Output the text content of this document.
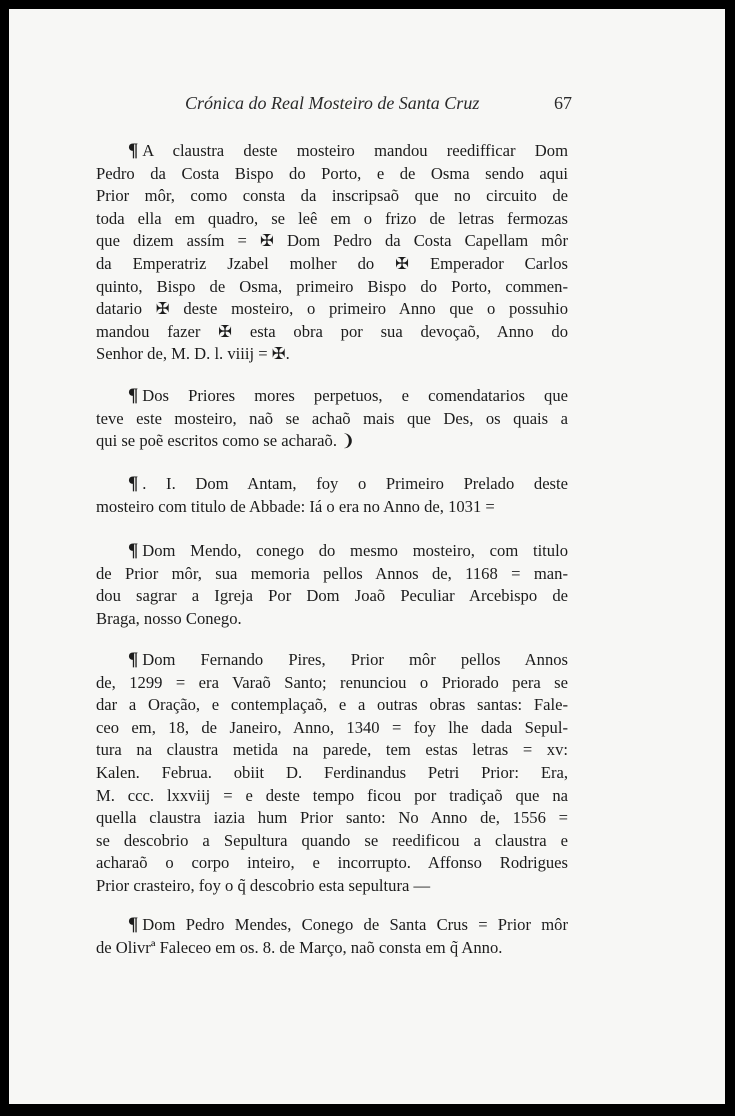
Crónica do Real Mosteiro de Santa Cruz	67
¶ A claustra deste mosteiro mandou reedifficar Dom
Pedro da Costa Bispo do Porto, e de Osma sendo aqui
Prior môr, como consta da inscripsaõ que no circuito de
toda ella em quadro, se leê em o frizo de letras fermozas
que dizem assím = ✠ Dom Pedro da Costa Capellam môr
da Emperatriz Jzabel molher do ✠ Emperador Carlos
quinto, Bispo de Osma, primeiro Bispo do Porto, commen-
datario ✠ deste mosteiro, o primeiro Anno que o possuhio
mandou fazer ✠ esta obra por sua devoçaõ, Anno do
Senhor de, M. D. l. viiij = ✠.
¶ Dos Priores mores perpetuos, e comendatarios que
teve este mosteiro, naõ se achaõ mais que Des, os quais a
qui se poẽ escritos como se acharaõ. ❩
¶ . I. Dom Antam, foy o Primeiro Prelado deste
mosteiro com titulo de Abbade: Iá o era no Anno de, 1031 =
¶ Dom Mendo, conego do mesmo mosteiro, com titulo
de Prior môr, sua memoria pellos Annos de, 1168 = man-
dou sagrar a Igreja Por Dom Joaõ Peculiar Arcebispo de
Braga, nosso Conego.
¶ Dom Fernando Pires, Prior môr pellos Annos
de, 1299 = era Varaõ Santo; renunciou o Priorado pera se
dar a Oração, e contemplaçaõ, e a outras obras santas: Fale-
ceo em, 18, de Janeiro, Anno, 1340 = foy lhe dada Sepul-
tura na claustra metida na parede, tem estas letras = xv:
Kalen. Februa. obiit D. Ferdinandus Petri Prior: Era,
M. ccc. lxxviij = e deste tempo ficou por tradiçaõ que na
quella claustra iazia hum Prior santo: No Anno de, 1556 =
se descobrio a Sepultura quando se reedificou a claustra e
acharaõ o corpo inteiro, e incorrupto. Affonso Rodrigues
Prior crasteiro, foy o q̃ descobrio esta sepultura —
¶ Dom Pedro Mendes, Conego de Santa Crus = Prior môr
de Olivrª Faleceo em os. 8. de Março, naõ consta em q̃ Anno.
